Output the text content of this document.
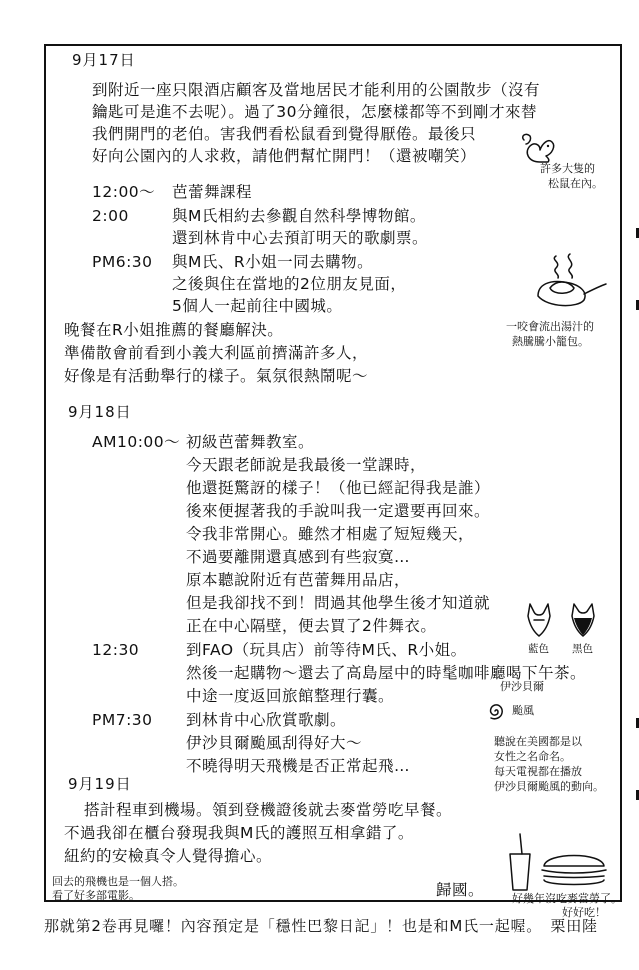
9月17日
到附近一座只限酒店顧客及當地居民才能利用的公園散步（沒有
鑰匙可是進不去呢）。過了30分鐘很，怎麼樣都等不到剛才來替
我們開門的老伯。害我們看松鼠看到覺得厭倦。最後只
好向公園內的人求救，請他們幫忙開門！（還被嘲笑）
12:00～ 芭蕾舞課程
2:00	與M氏相約去參觀自然科學博物館。
還到林肯中心去預訂明天的歌劇票。
PM6:30 與M氏、R小姐一同去購物。
之後與住在當地的2位朋友見面，
5個人一起前往中國城。
晚餐在R小姐推薦的餐廳解決。
準備散會前看到小義大利區前擠滿許多人，
好像是有活動舉行的樣子。氣氛很熱鬧呢～
許多大隻的
松鼠在內。
一咬會流出湯汁的
熱騰騰小籠包。
9月18日
AM10:00～ 初級芭蕾舞教室。
今天跟老師說是我最後一堂課時，
他還挺驚訝的樣子！（他已經記得我是誰）
後來便握著我的手說叫我一定還要再回來。
令我非常開心。雖然才相處了短短幾天，
不過要離開還真感到有些寂寞…
原本聽說附近有芭蕾舞用品店，
但是我卻找不到！問過其他學生後才知道就
正在中心隔壁，便去買了2件舞衣。
12:30	到FAO（玩具店）前等待M氏、R小姐。
然後一起購物～還去了高島屋中的時髦咖啡廳喝下午茶。
中途一度返回旅館整理行囊。
PM7:30 到林肯中心欣賞歌劇。
伊沙貝爾颱風刮得好大～
不曉得明天飛機是否正常起飛…
藍色 黑色
伊沙貝爾
颱風
聽說在美國都是以
女性之名命名。
每天電視都在播放
伊沙貝爾颱風的動向。
9月19日
搭計程車到機場。領到登機證後就去麥當勞吃早餐。
不過我卻在櫃台發現我與M氏的護照互相拿錯了。
紐約的安檢真令人覺得擔心。
回去的飛機也是一個人搭。
看了好多部電影。	歸國。	好幾年沒吃麥當勞了。
好好吃！
那就第2卷再見囉！內容預定是「穩性巴黎日記」！也是和M氏一起喔。　栗田陸
